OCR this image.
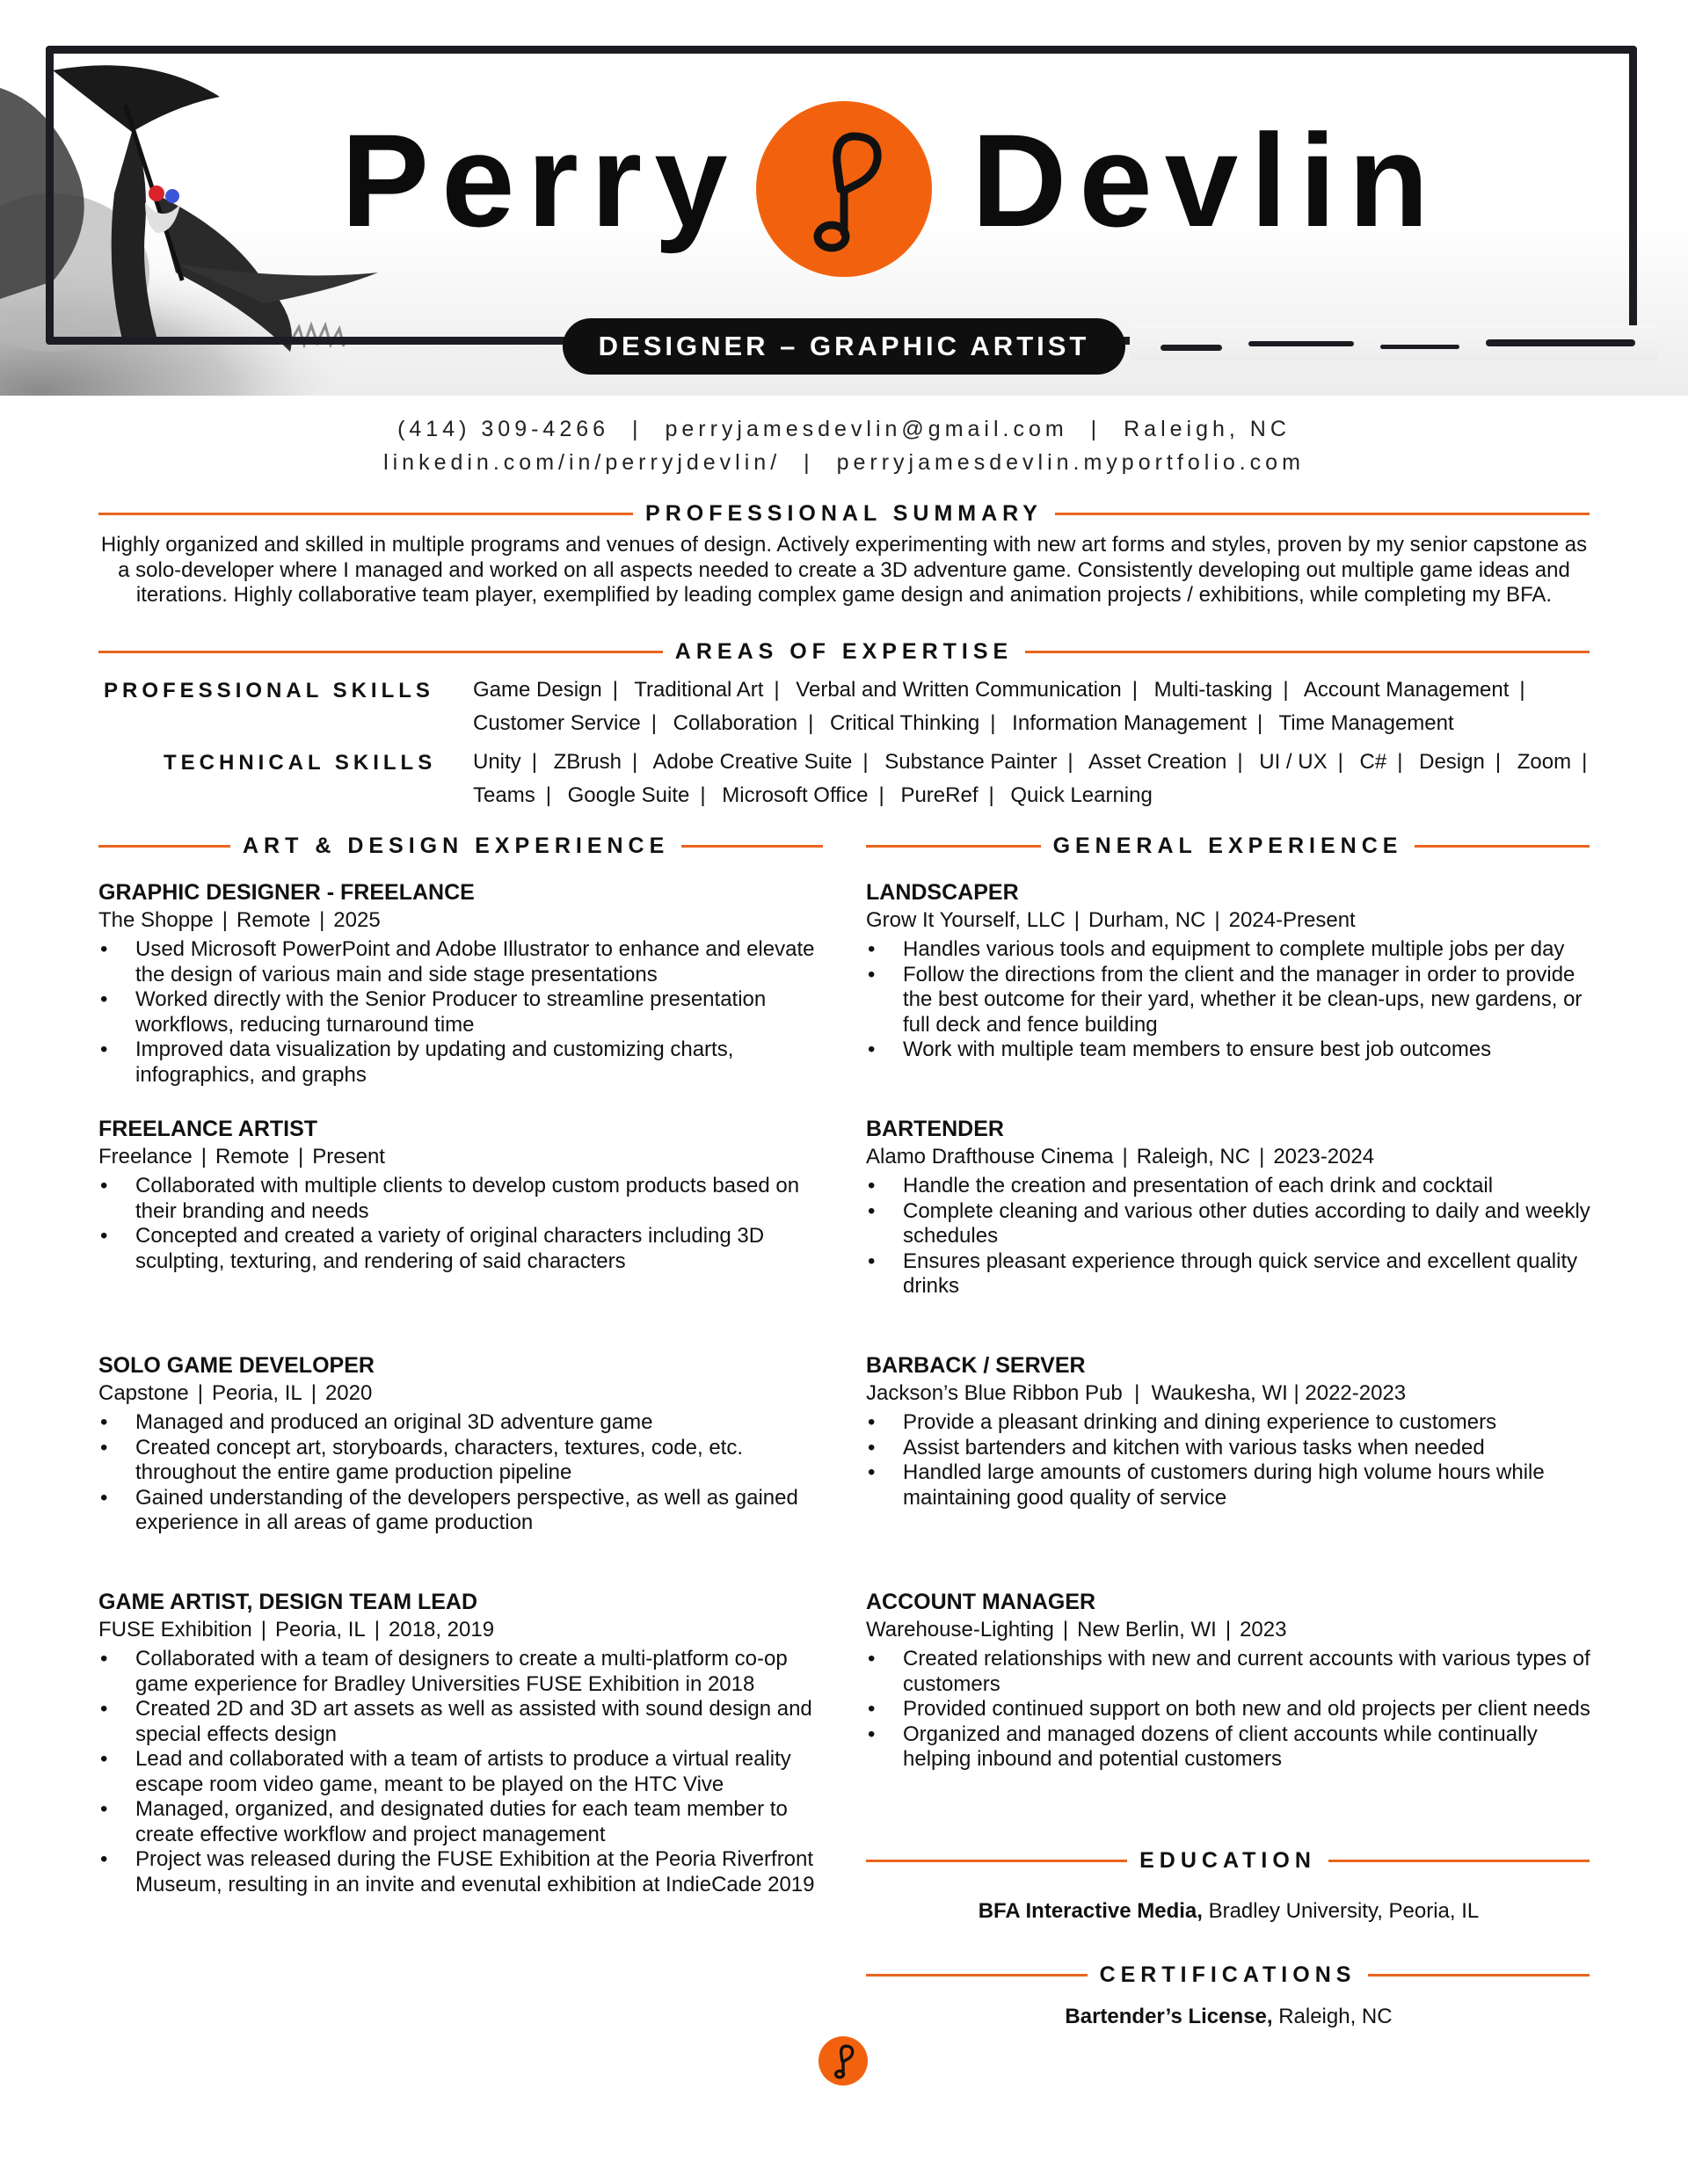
Perry Devlin
DESIGNER – GRAPHIC ARTIST
(414) 309-4266 | perryjamesdevlin@gmail.com | Raleigh, NC
linkedin.com/in/perryjdevlin/ | perryjamesdevlin.myportfolio.com
PROFESSIONAL SUMMARY
Highly organized and skilled in multiple programs and venues of design. Actively experimenting with new art forms and styles, proven by my senior capstone as a solo-developer where I managed and worked on all aspects needed to create a 3D adventure game. Consistently developing out multiple game ideas and iterations. Highly collaborative team player, exemplified by leading complex game design and animation projects / exhibitions, while completing my BFA.
AREAS OF EXPERTISE
PROFESSIONAL SKILLS Game Design | Traditional Art | Verbal and Written Communication | Multi-tasking | Account Management | Customer Service | Collaboration | Critical Thinking | Information Management | Time Management
TECHNICAL SKILLS Unity | ZBrush | Adobe Creative Suite | Substance Painter | Asset Creation | UI / UX | C# | Design | Zoom | Teams | Google Suite | Microsoft Office | PureRef | Quick Learning
ART & DESIGN EXPERIENCE	GENERAL EXPERIENCE
GRAPHIC DESIGNER - FREELANCE
The Shoppe | Remote | 2025
• Used Microsoft PowerPoint and Adobe Illustrator to enhance and elevate the design of various main and side stage presentations
• Worked directly with the Senior Producer to streamline presentation workflows, reducing turnaround time
• Improved data visualization by updating and customizing charts, infographics, and graphs
FREELANCE ARTIST
Freelance | Remote | Present
• Collaborated with multiple clients to develop custom products based on their branding and needs
• Concepted and created a variety of original characters including 3D sculpting, texturing, and rendering of said characters
SOLO GAME DEVELOPER
Capstone | Peoria, IL | 2020
• Managed and produced an original 3D adventure game
• Created concept art, storyboards, characters, textures, code, etc. throughout the entire game production pipeline
• Gained understanding of the developers perspective, as well as gained experience in all areas of game production
GAME ARTIST, DESIGN TEAM LEAD
FUSE Exhibition | Peoria, IL | 2018, 2019
• Collaborated with a team of designers to create a multi-platform co-op game experience for Bradley Universities FUSE Exhibition in 2018
• Created 2D and 3D art assets as well as assisted with sound design and special effects design
• Lead and collaborated with a team of artists to produce a virtual reality escape room video game, meant to be played on the HTC Vive
• Managed, organized, and designated duties for each team member to create effective workflow and project management
• Project was released during the FUSE Exhibition at the Peoria Riverfront Museum, resulting in an invite and evenutal exhibition at IndieCade 2019
LANDSCAPER
Grow It Yourself, LLC | Durham, NC | 2024-Present
• Handles various tools and equipment to complete multiple jobs per day
• Follow the directions from the client and the manager in order to provide the best outcome for their yard, whether it be clean-ups, new gardens, or full deck and fence building
• Work with multiple team members to ensure best job outcomes
BARTENDER
Alamo Drafthouse Cinema | Raleigh, NC | 2023-2024
• Handle the creation and presentation of each drink and cocktail
• Complete cleaning and various other duties according to daily and weekly schedules
• Ensures pleasant experience through quick service and excellent quality drinks
BARBACK / SERVER
Jackson’s Blue Ribbon Pub  |  Waukesha, WI | 2022-2023
• Provide a pleasant drinking and dining experience to customers
• Assist bartenders and kitchen with various tasks when needed
• Handled large amounts of customers during high volume hours while maintaining good quality of service
ACCOUNT MANAGER
Warehouse-Lighting | New Berlin, WI | 2023
• Created relationships with new and current accounts with various types of customers
• Provided continued support on both new and old projects per client needs
• Organized and managed dozens of client accounts while continually helping inbound and potential customers
EDUCATION
BFA Interactive Media, Bradley University, Peoria, IL
CERTIFICATIONS
Bartender’s License, Raleigh, NC
